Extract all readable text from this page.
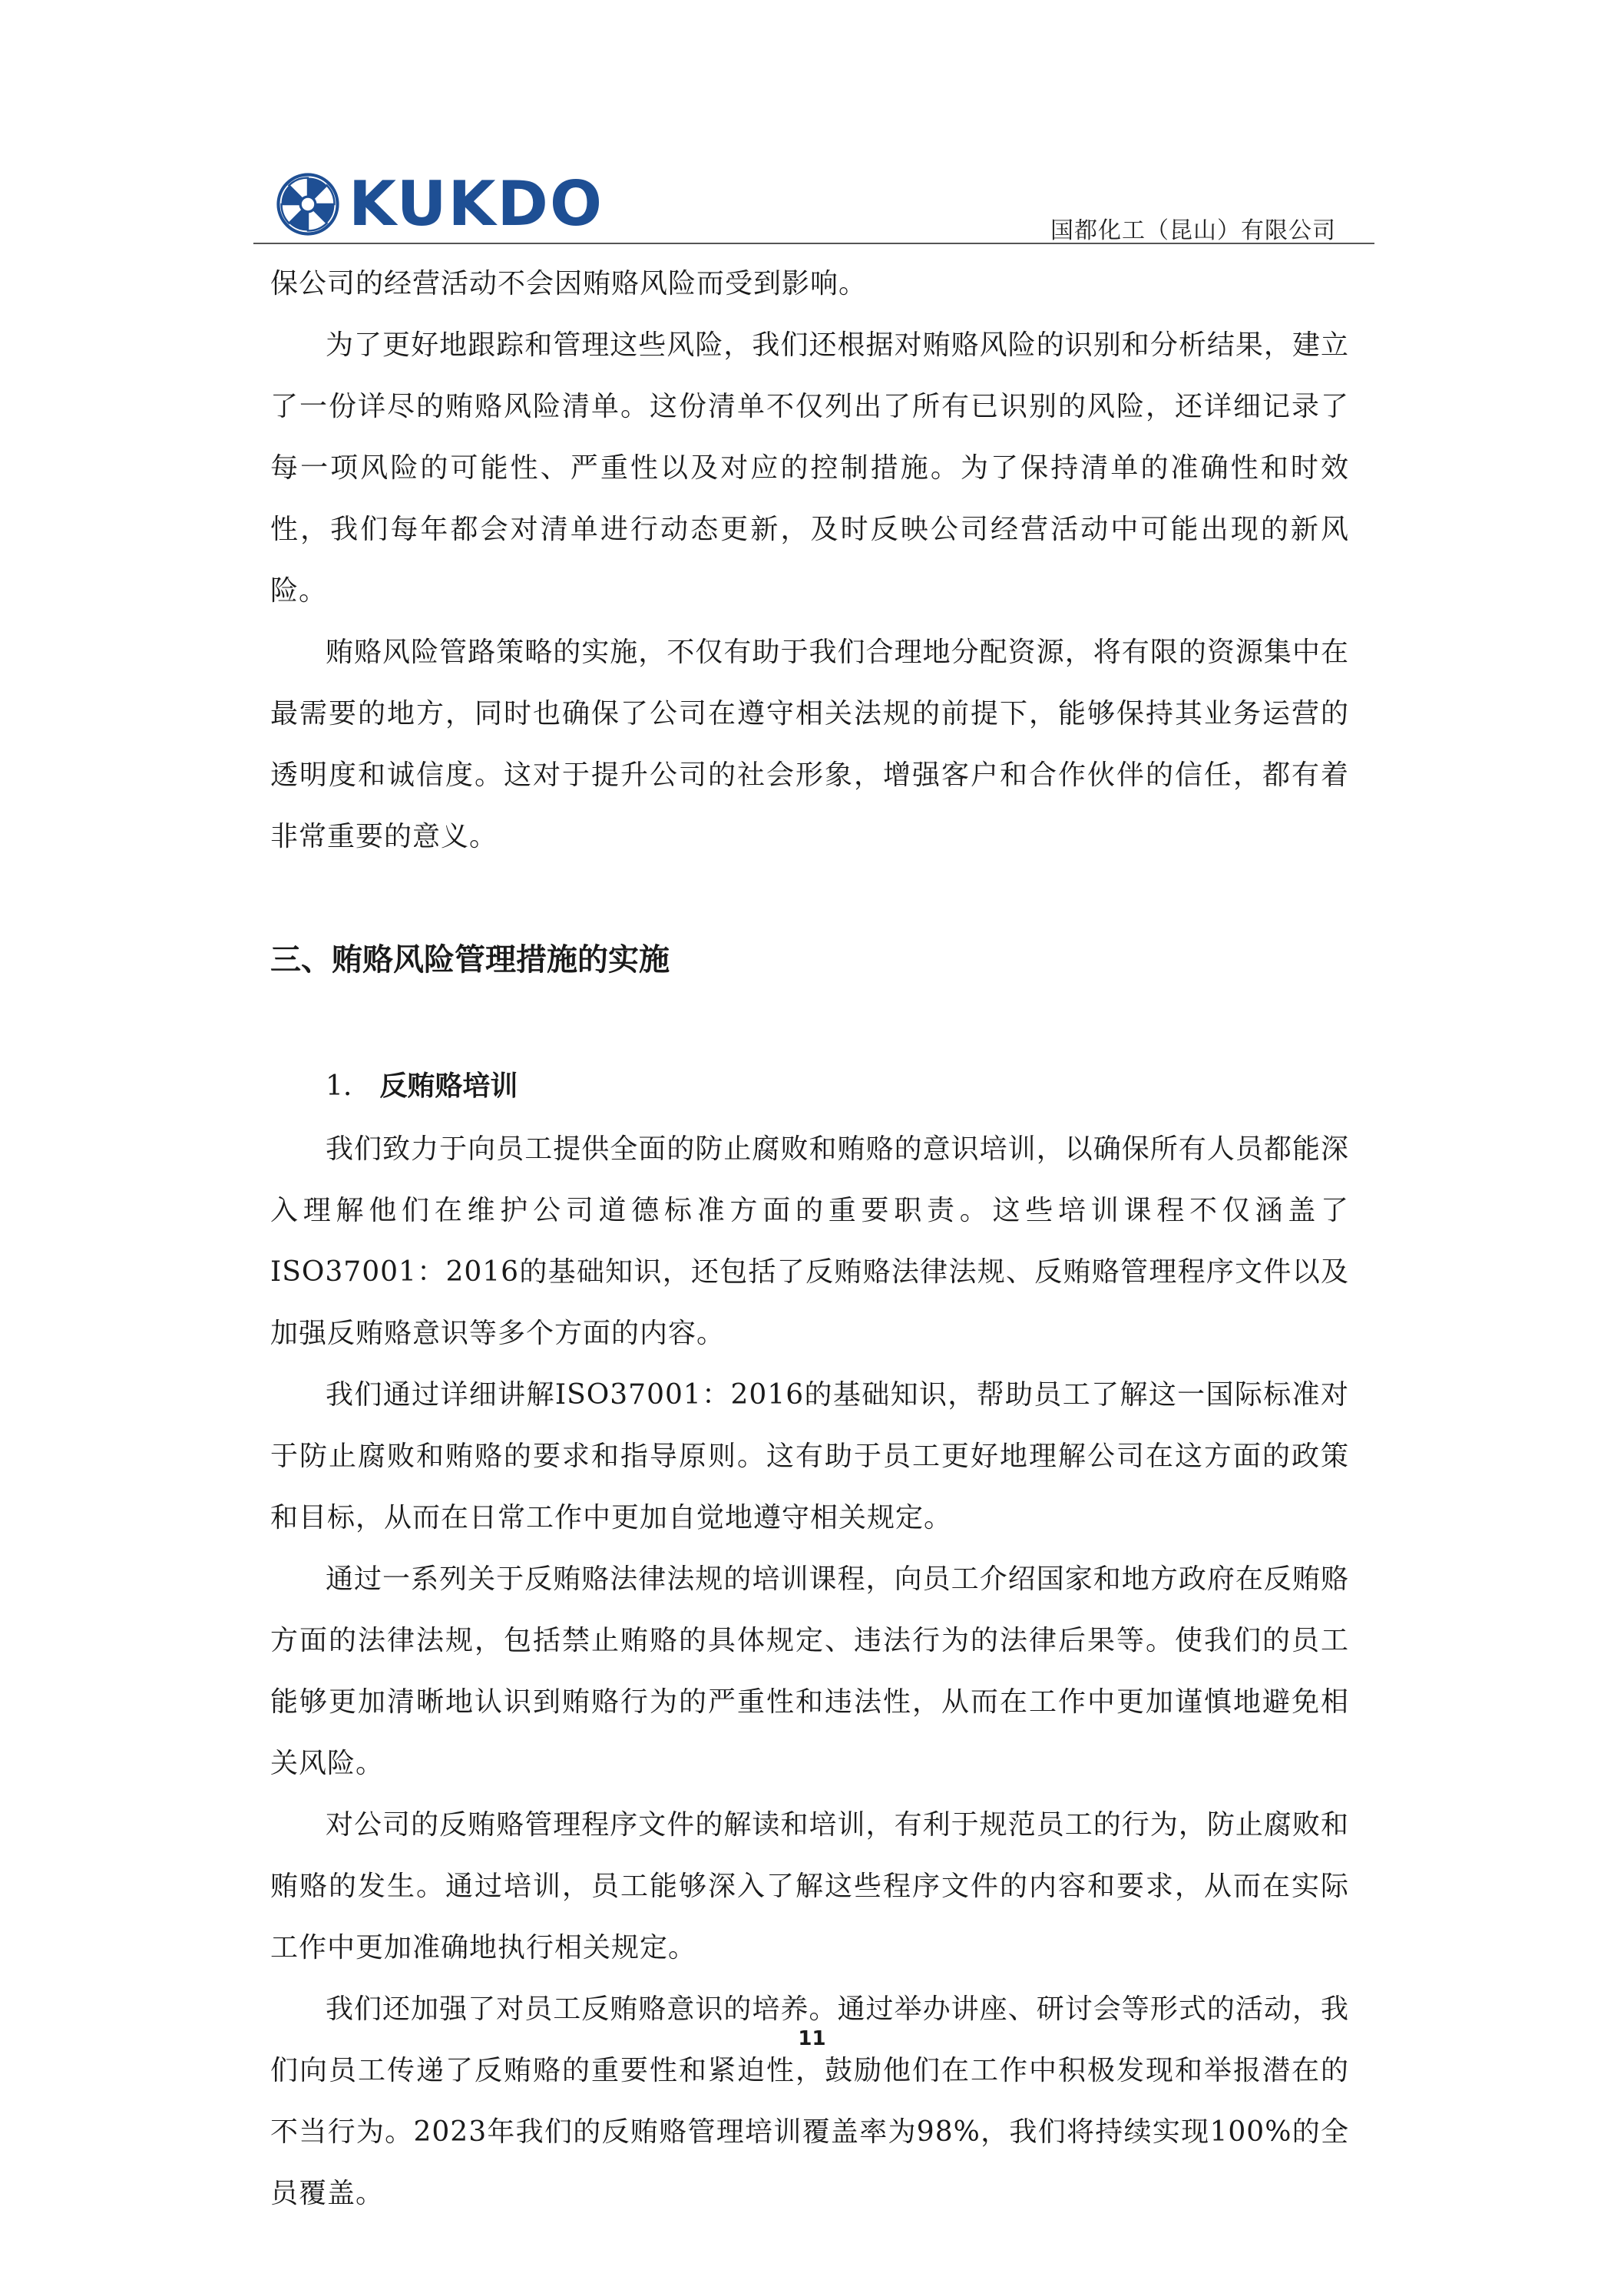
KUKDO	国都化工（昆山）有限公司

保公司的经营活动不会因贿赂风险而受到影响。

为了更好地跟踪和管理这些风险，我们还根据对贿赂风险的识别和分析结果，建立了一份详尽的贿赂风险清单。这份清单不仅列出了所有已识别的风险，还详细记录了每一项风险的可能性、严重性以及对应的控制措施。为了保持清单的准确性和时效性，我们每年都会对清单进行动态更新，及时反映公司经营活动中可能出现的新风险。

贿赂风险管路策略的实施，不仅有助于我们合理地分配资源，将有限的资源集中在最需要的地方，同时也确保了公司在遵守相关法规的前提下，能够保持其业务运营的透明度和诚信度。这对于提升公司的社会形象，增强客户和合作伙伴的信任，都有着非常重要的意义。

三、贿赂风险管理措施的实施
1. 反贿赂培训

我们致力于向员工提供全面的防止腐败和贿赂的意识培训，以确保所有人员都能深入理解他们在维护公司道德标准方面的重要职责。这些培训课程不仅涵盖了ISO37001：2016的基础知识，还包括了反贿赂法律法规、反贿赂管理程序文件以及加强反贿赂意识等多个方面的内容。

我们通过详细讲解ISO37001：2016的基础知识，帮助员工了解这一国际标准对于防止腐败和贿赂的要求和指导原则。这有助于员工更好地理解公司在这方面的政策和目标，从而在日常工作中更加自觉地遵守相关规定。

通过一系列关于反贿赂法律法规的培训课程，向员工介绍国家和地方政府在反贿赂方面的法律法规，包括禁止贿赂的具体规定、违法行为的法律后果等。使我们的员工能够更加清晰地认识到贿赂行为的严重性和违法性，从而在工作中更加谨慎地避免相关风险。

对公司的反贿赂管理程序文件的解读和培训，有利于规范员工的行为，防止腐败和贿赂的发生。通过培训，员工能够深入了解这些程序文件的内容和要求，从而在实际工作中更加准确地执行相关规定。

我们还加强了对员工反贿赂意识的培养。通过举办讲座、研讨会等形式的活动，我们向员工传递了反贿赂的重要性和紧迫性，鼓励他们在工作中积极发现和举报潜在的不当行为。2023年我们的反贿赂管理培训覆盖率为98%，我们将持续实现100%的全员覆盖。

11
